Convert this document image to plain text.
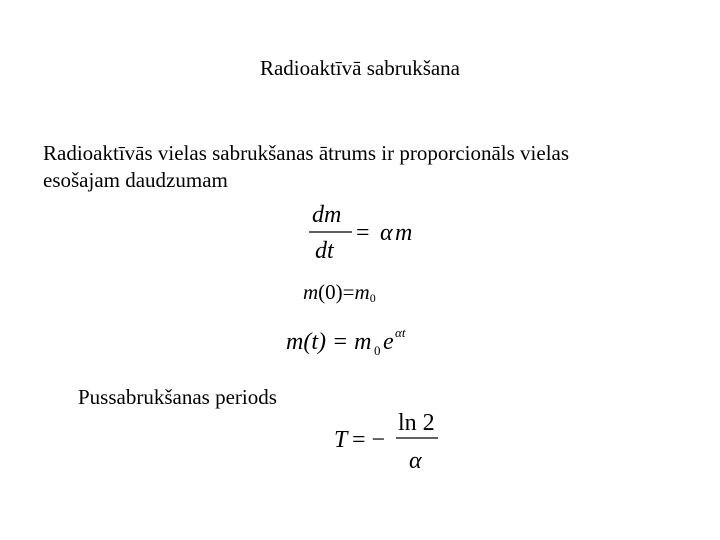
Radioaktīvā sabrukšana
Radioaktīvās vielas sabrukšanas ātrums ir proporcionāls vielas
esošajam daudzumam
dm
dt
= α m
$m(0)=m_0$
m(t) = m 0 e αt
Pussabrukšanas periods
T = −
ln 2
α
